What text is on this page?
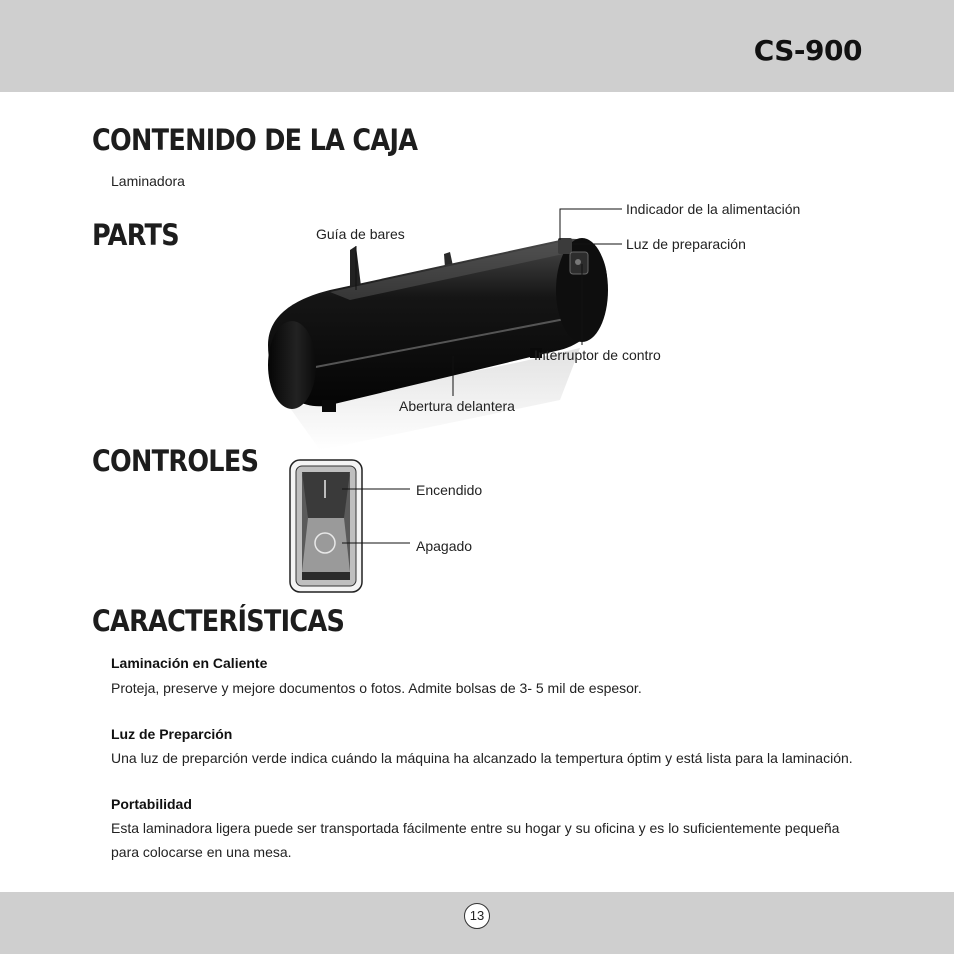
CS-900
CONTENIDO DE LA CAJA
Laminadora
PARTS
Indicador de la alimentación
Guía de bares
Luz de preparación
Interruptor de contro
Abertura delantera
CONTROLES
Encendido
Apagado
CARACTERÍSTICAS
Laminación en Caliente
Proteja, preserve y mejore documentos o fotos. Admite bolsas de 3- 5 mil de espesor.
Luz de Preparción
Una luz de preparción verde indica cuándo la máquina ha alcanzado la tempertura óptim y está lista para la laminación.
Portabilidad
Esta laminadora ligera puede ser transportada fácilmente entre su hogar y su oficina y es lo suficientemente pequeña para colocarse en una mesa.
13
